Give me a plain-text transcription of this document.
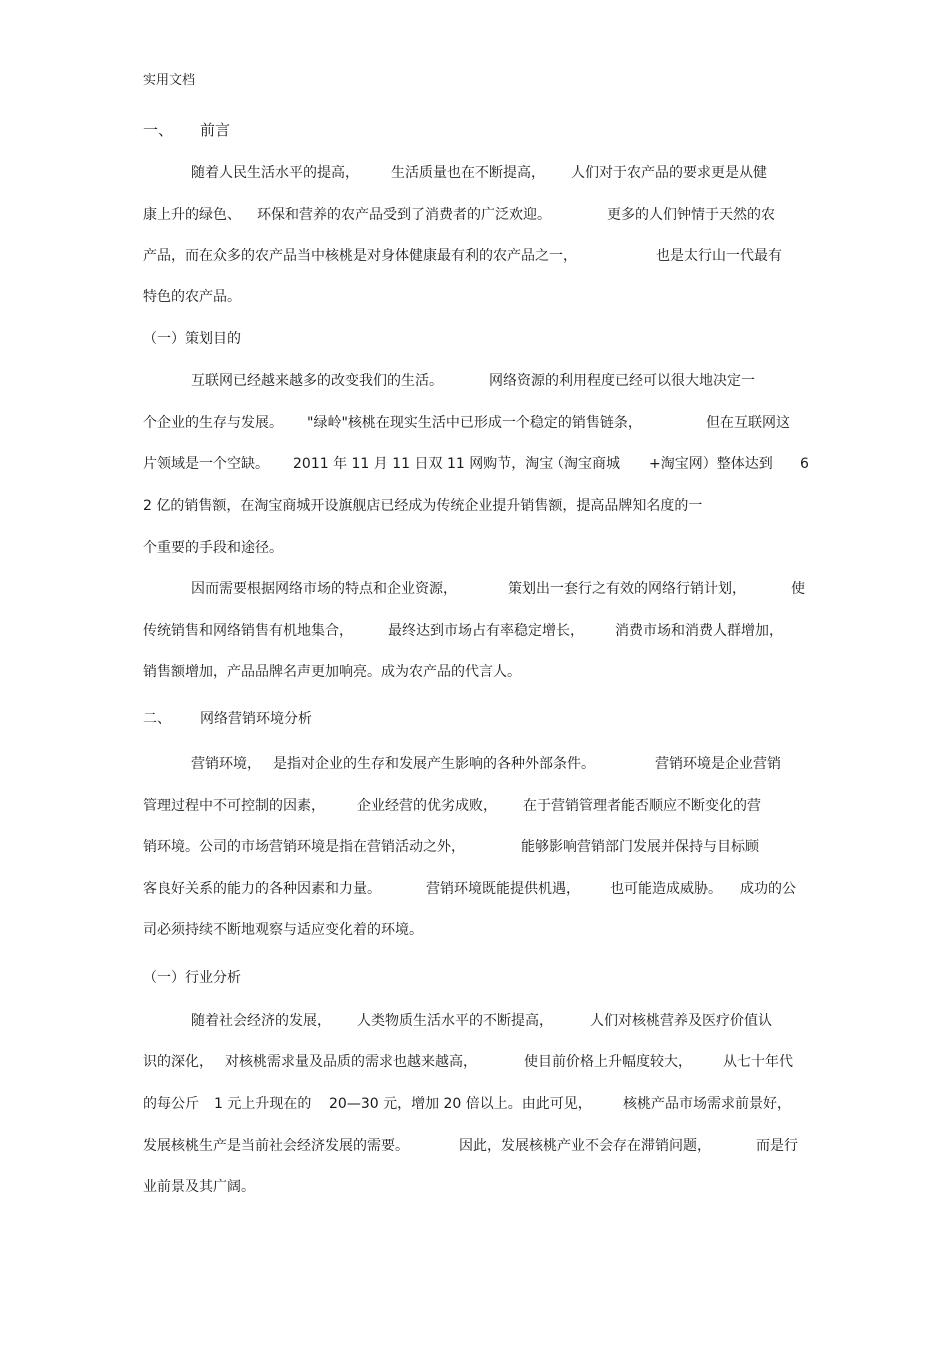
实用文档
一、 前言
随着人民生活水平的提高， 生活质量也在不断提高， 人们对于农产品的要求更是从健
康上升的绿色、 环保和营养的农产品受到了消费者的广泛欢迎。	更多的人们钟情于天然的农
产品，而在众多的农产品当中核桃是对身体健康最有利的农产品之一，	也是太行山一代最有
特色的农产品。
（一）策划目的
互联网已经越来越多的改变我们的生活。	网络资源的利用程度已经可以很大地决定一
个企业的生存与发展。 "绿岭"核桃在现实生活中已形成一个稳定的销售链条，	但在互联网这
片领域是一个空缺。 2011 年 11 月 11 日双 11 网购节，淘宝
（淘宝商城 +淘宝网）整体达到 6
2 亿的销售额，在淘宝商城开设旗舰店已经成为传统企业提升销售额，提高品牌知名度的一
个重要的手段和途径。
因而需要根据网络市场的特点和企业资源，	策划出一套行之有效的网络行销计划，	使
传统销售和网络销售有机地集合，	最终达到市场占有率稳定增长， 消费市场和消费人群增加，
销售额增加，产品品牌名声更加响亮。成为农产品的代言人。
二、 网络营销环境分析
营销环境， 是指对企业的生存和发展产生影响的各种外部条件。	营销环境是企业营销
管理过程中不可控制的因素， 企业经营的优劣成败， 在于营销管理者能否顺应不断变化的营
销环境。公司的市场营销环境是指在营销活动之外，	能够影响营销部门发展并保持与目标顾
客良好关系的能力的各种因素和力量。	营销环境既能提供机遇， 也可能造成威胁。 成功的公
司必须持续不断地观察与适应变化着的环境。
（一）行业分析
随着社会经济的发展， 人类物质生活水平的不断提高，	人们对核桃营养及医疗价值认
识的深化， 对核桃需求量及品质的需求也越来越高，	使目前价格上升幅度较大， 从七十年代
的每公斤 1 元上升现在的 20—30 元，增加 20 倍以上。由此可见， 核桃产品市场需求前景好，
发展核桃生产是当前社会经济发展的需要。	因此，发展核桃产业不会存在滞销问题，	而是行
业前景及其广阔。
